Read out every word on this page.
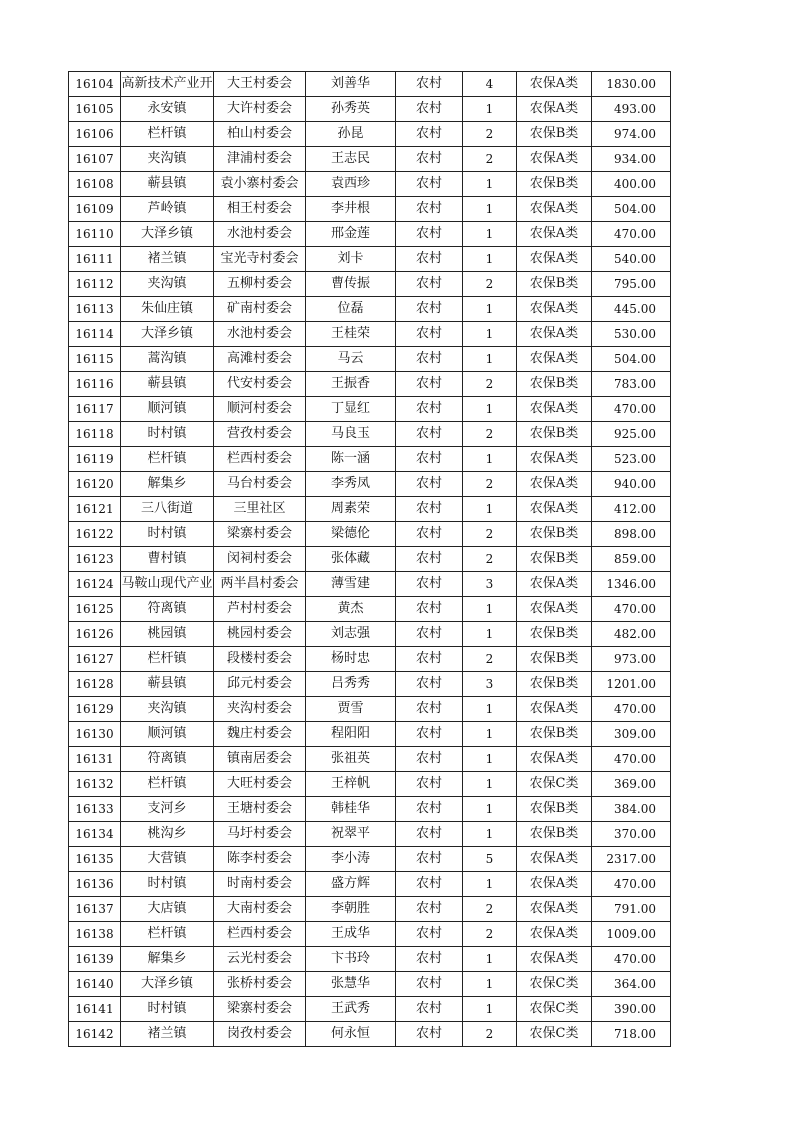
16104	高新技术产业开	大王村委会	刘善华	农村	4	农保A类	1830.00
16105	永安镇	大许村委会	孙秀英	农村	1	农保A类	493.00
16106	栏杆镇	柏山村委会	孙昆	农村	2	农保B类	974.00
16107	夹沟镇	津浦村委会	王志民	农村	2	农保A类	934.00
16108	蕲县镇	袁小寨村委会	袁西珍	农村	1	农保B类	400.00
16109	芦岭镇	相王村委会	李井根	农村	1	农保A类	504.00
16110	大泽乡镇	水池村委会	邢金莲	农村	1	农保A类	470.00
16111	褚兰镇	宝光寺村委会	刘卡	农村	1	农保A类	540.00
16112	夹沟镇	五柳村委会	曹传振	农村	2	农保B类	795.00
16113	朱仙庄镇	矿南村委会	位磊	农村	1	农保A类	445.00
16114	大泽乡镇	水池村委会	王桂荣	农村	1	农保A类	530.00
16115	蒿沟镇	高滩村委会	马云	农村	1	农保A类	504.00
16116	蕲县镇	代安村委会	王振香	农村	2	农保B类	783.00
16117	顺河镇	顺河村委会	丁显红	农村	1	农保A类	470.00
16118	时村镇	营孜村委会	马良玉	农村	2	农保B类	925.00
16119	栏杆镇	栏西村委会	陈一涵	农村	1	农保A类	523.00
16120	解集乡	马台村委会	李秀凤	农村	2	农保A类	940.00
16121	三八街道	三里社区	周素荣	农村	1	农保A类	412.00
16122	时村镇	梁寨村委会	梁德伦	农村	2	农保B类	898.00
16123	曹村镇	闵祠村委会	张体藏	农村	2	农保B类	859.00
16124	马鞍山现代产业	两半昌村委会	薄雪建	农村	3	农保A类	1346.00
16125	符离镇	芦村村委会	黄杰	农村	1	农保A类	470.00
16126	桃园镇	桃园村委会	刘志强	农村	1	农保B类	482.00
16127	栏杆镇	段楼村委会	杨时忠	农村	2	农保B类	973.00
16128	蕲县镇	邱元村委会	吕秀秀	农村	3	农保B类	1201.00
16129	夹沟镇	夹沟村委会	贾雪	农村	1	农保A类	470.00
16130	顺河镇	魏庄村委会	程阳阳	农村	1	农保B类	309.00
16131	符离镇	镇南居委会	张祖英	农村	1	农保A类	470.00
16132	栏杆镇	大旺村委会	王梓帆	农村	1	农保C类	369.00
16133	支河乡	王塘村委会	韩桂华	农村	1	农保B类	384.00
16134	桃沟乡	马圩村委会	祝翠平	农村	1	农保B类	370.00
16135	大营镇	陈李村委会	李小涛	农村	5	农保A类	2317.00
16136	时村镇	时南村委会	盛方辉	农村	1	农保A类	470.00
16137	大店镇	大南村委会	李朝胜	农村	2	农保A类	791.00
16138	栏杆镇	栏西村委会	王成华	农村	2	农保A类	1009.00
16139	解集乡	云光村委会	卞书玲	农村	1	农保A类	470.00
16140	大泽乡镇	张桥村委会	张慧华	农村	1	农保C类	364.00
16141	时村镇	梁寨村委会	王武秀	农村	1	农保C类	390.00
16142	褚兰镇	岗孜村委会	何永恒	农村	2	农保C类	718.00
